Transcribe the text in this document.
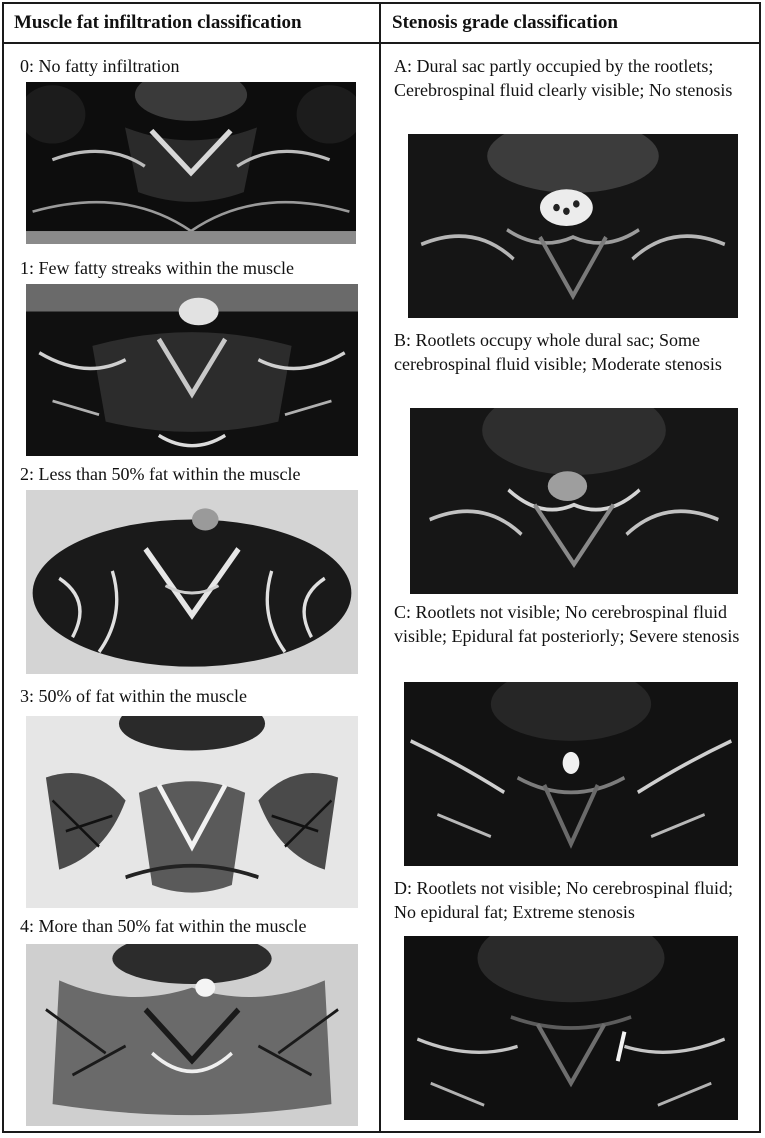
Muscle fat infiltration classification	Stenosis grade classification
0: No fatty infiltration
1: Few fatty streaks within the muscle
2: Less than 50% fat within the muscle
3: 50% of fat within the muscle
4: More than 50% fat within the muscle
A: Dural sac partly occupied by the rootlets; Cerebrospinal fluid clearly visible; No stenosis
B: Rootlets occupy whole dural sac; Some cerebrospinal fluid visible; Moderate stenosis
C: Rootlets not visible; No cerebrospinal fluid visible; Epidural fat posteriorly; Severe stenosis
D: Rootlets not visible; No cerebrospinal fluid; No epidural fat; Extreme stenosis
